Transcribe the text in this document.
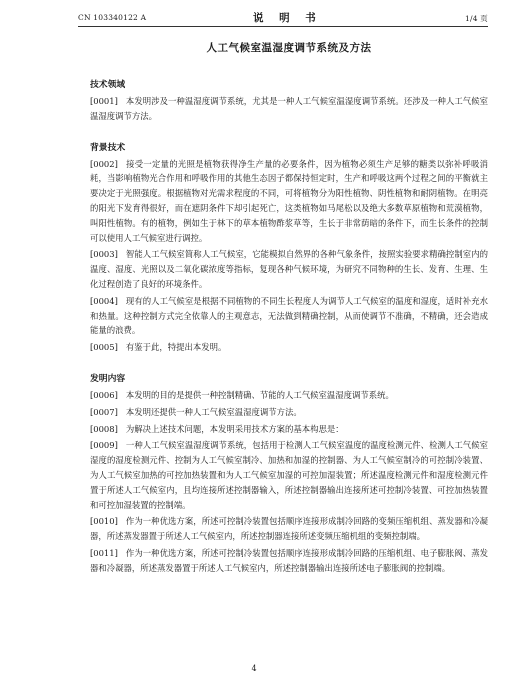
CN 103340122 A	说 明 书	1/4 页
人工气候室温湿度调节系统及方法
技术领域

[0001] 本发明涉及一种温湿度调节系统，尤其是一种人工气候室温湿度调节系统。还涉及一种人工气候室温湿度调节方法。

背景技术

[0002] 接受一定量的光照是植物获得净生产量的必要条件，因为植物必须生产足够的糖类以弥补呼吸消耗，当影响植物光合作用和呼吸作用的其他生态因子都保持恒定时，生产和呼吸这两个过程之间的平衡就主要决定于光照强度。根据植物对光需求程度的不同，可将植物分为阳性植物、阴性植物和耐阴植物。在明亮的阳光下发育得很好，而在遮阴条件下却引起死亡，这类植物如马尾松以及绝大多数草原植物和荒漠植物，叫阳性植物。有的植物，例如生于林下的草本植物酢浆草等，生长于非常荫暗的条件下，而生长条件的控制可以使用人工气候室进行调控。

[0003] 智能人工气候室简称人工气候室，它能模拟自然界的各种气象条件，按照实验要求精确控制室内的温度、湿度、光照以及二氧化碳浓度等指标，复现各种气候环境，为研究不同物种的生长、发育、生理、生化过程创造了良好的环境条件。

[0004] 现有的人工气候室是根据不同植物的不同生长程度人为调节人工气候室的温度和湿度，适时补充水和热量。这种控制方式完全依靠人的主观意志，无法做到精确控制，从而使调节不准确，不精确，还会造成能量的浪费。

[0005] 有鉴于此，特提出本发明。

发明内容

[0006] 本发明的目的是提供一种控制精确、节能的人工气候室温湿度调节系统。

[0007] 本发明还提供一种人工气候室温湿度调节方法。

[0008] 为解决上述技术问题，本发明采用技术方案的基本构思是：

[0009] 一种人工气候室温湿度调节系统，包括用于检测人工气候室温度的温度检测元件、检测人工气候室湿度的湿度检测元件、控制为人工气候室制冷、加热和加湿的控制器、为人工气候室制冷的可控制冷装置、为人工气候室加热的可控加热装置和为人工气候室加湿的可控加湿装置；所述温度检测元件和湿度检测元件置于所述人工气候室内，且均连接所述控制器输入，所述控制器输出连接所述可控制冷装置、可控加热装置和可控加湿装置的控制端。

[0010] 作为一种优选方案，所述可控制冷装置包括顺序连接形成制冷回路的变频压缩机组、蒸发器和冷凝器，所述蒸发器置于所述人工气候室内，所述控制器连接所述变频压缩机组的变频控制端。

[0011] 作为一种优选方案，所述可控制冷装置包括顺序连接形成制冷回路的压缩机组、电子膨胀阀、蒸发器和冷凝器，所述蒸发器置于所述人工气候室内，所述控制器输出连接所述电子膨胀阀的控制端。

4
